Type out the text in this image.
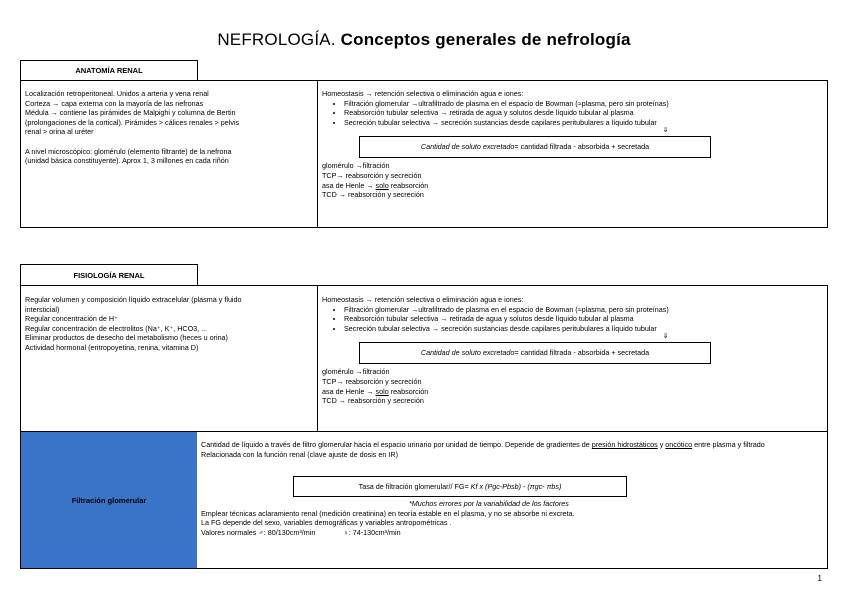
NEFROLOGÍA. Conceptos generales de nefrología
ANATOMÍA RENAL
Localización retroperitoneal. Unidos a arteria y vena renal
Corteza → capa externa con la mayoría de las nefronas
Médula → contiene las pirámides de Malpighi y columna de Bertin
(prolongaciones de la cortical). Pirámides > cálices renales > pelvis
renal > orina al uréter
A nivel microscópico: glomérulo (elemento filtrante) de la nefrona
(unidad básica constituyente). Aprox 1, 3 millones en cada riñón
Homeostasis → retención selectiva o eliminación agua e iones:
• Filtración glomerular →ultrafiltrado de plasma en el espacio de Bowman (≈plasma, pero sin proteínas)
• Reabsorción tubular selectiva → retirada de agua y solutos desde líquido tubular al plasma
• Secreción tubular selectiva → secreción sustancias desde capilares peritubulares a líquido tubular
⇓
Cantidad de soluto excretado= cantidad filtrada - absorbida + secretada
glomérulo →filtración
TCP→ reabsorción y secreción
asa de Henle → solo reabsorción
TCD → reabsorción y secreción
FISIOLOGÍA RENAL
Regular volumen y composición líquido extracelular (plasma y fluido
intersticial)
Regular concentración de H⁺
Regular concentración de electrolitos (Na⁺, K⁺, HCO3, ...
Eliminar productos de desecho del metabolismo (heces u orina)
Actividad hormonal (eritropoyetina, renina, vitamina D)
Homeostasis → retención selectiva o eliminación agua e iones:
• Filtración glomerular →ultrafiltrado de plasma en el espacio de Bowman (≈plasma, pero sin proteínas)
• Reabsorción tubular selectiva → retirada de agua y solutos desde líquido tubular al plasma
• Secreción tubular selectiva → secreción sustancias desde capilares peritubulares a líquido tubular
⇓
Cantidad de soluto excretado= cantidad filtrada - absorbida + secretada
glomérulo →filtración
TCP→ reabsorción y secreción
asa de Henle → solo reabsorción
TCD → reabsorción y secreción
Filtración glomerular
Cantidad de líquido a través de filtro glomerular hacia el espacio urinario por unidad de tiempo. Depende de gradientes de presión hidrostáticos y oncótico entre plasma y filtrado
Relacionada con la función renal (clave ajuste de dosis en IR)
Tasa de filtración glomerular// FG= Kf x (Pgc-Pbsb) - (πgc- πbs)
*Muchos errores por la variabilidad de los factores
Emplear técnicas aclaramiento renal (medición creatinina) en teoría estable en el plasma, y no se absorbe ni excreta.
La FG depende del sexo, variables demográficas y variables antropométricas .
Valores normales ♂: 80/130cm³/min	♀: 74-130cm³/min
1
